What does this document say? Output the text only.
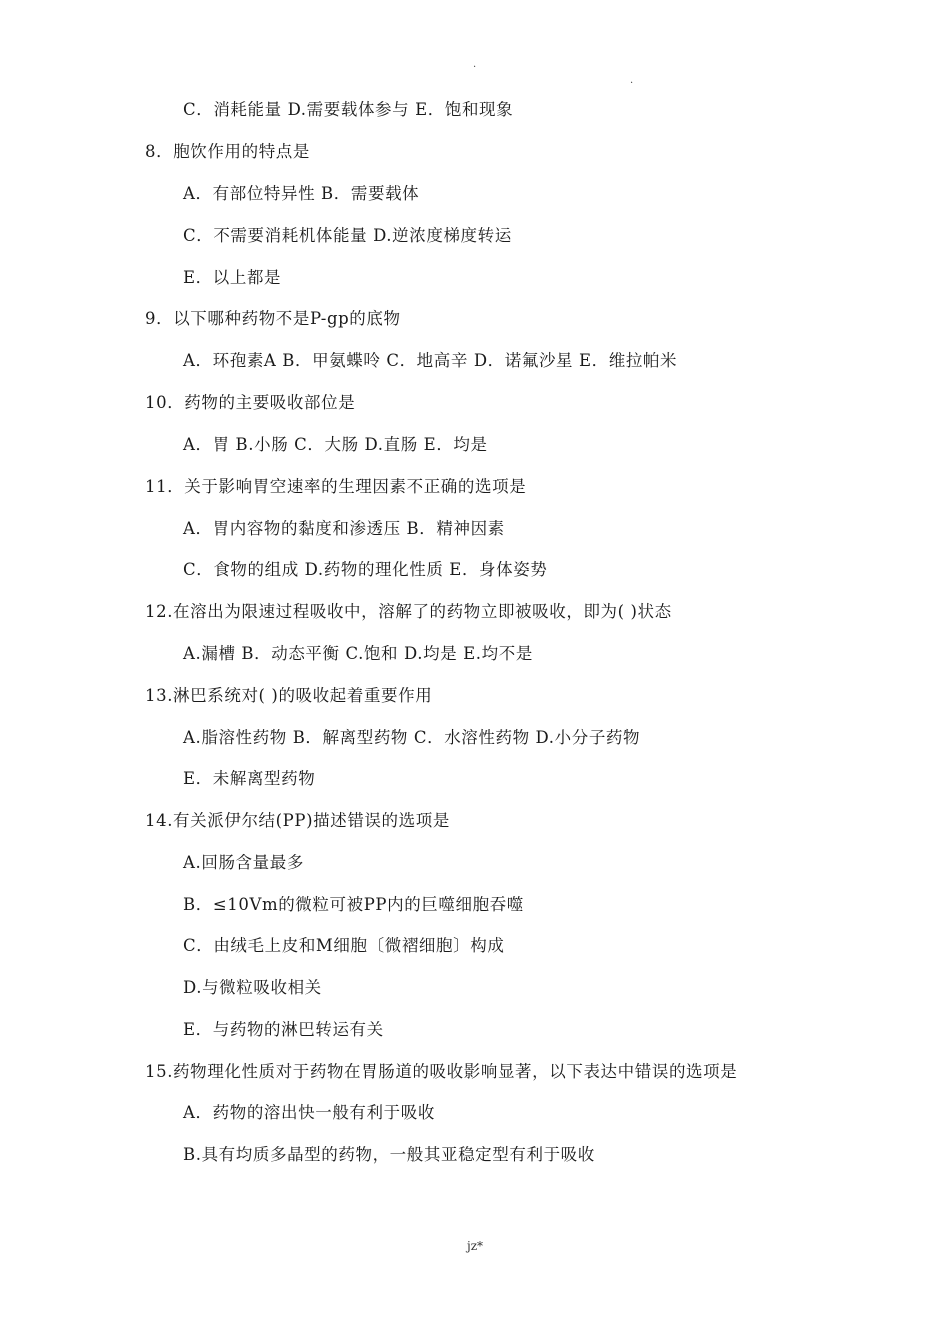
.
.
C．消耗能量 D.需要载体参与 E．饱和现象
8．胞饮作用的特点是
A．有部位特异性 B．需要载体
C．不需要消耗机体能量 D.逆浓度梯度转运
E．以上都是
9．以下哪种药物不是P-gp的底物
A．环孢素A B．甲氨蝶呤 C．地高辛 D．诺氟沙星 E．维拉帕米
10．药物的主要吸收部位是
A．胃 B.小肠 C．大肠 D.直肠 E．均是
11．关于影响胃空速率的生理因素不正确的选项是
A．胃内容物的黏度和渗透压 B．精神因素
C．食物的组成 D.药物的理化性质 E．身体姿势
12.在溶出为限速过程吸收中，溶解了的药物立即被吸收，即为( )状态
A.漏槽 B．动态平衡 C.饱和 D.均是 E.均不是
13.淋巴系统对( )的吸收起着重要作用
A.脂溶性药物 B．解离型药物 C．水溶性药物 D.小分子药物
E．未解离型药物
14.有关派伊尔结(PP)描述错误的选项是
A.回肠含量最多
B．≤10Vm的微粒可被PP内的巨噬细胞吞噬
C．由绒毛上皮和M细胞〔微褶细胞〕构成
D.与微粒吸收相关
E．与药物的淋巴转运有关
15.药物理化性质对于药物在胃肠道的吸收影响显著，以下表达中错误的选项是
A．药物的溶出快一般有利于吸收
B.具有均质多晶型的药物，一般其亚稳定型有利于吸收
jz*
